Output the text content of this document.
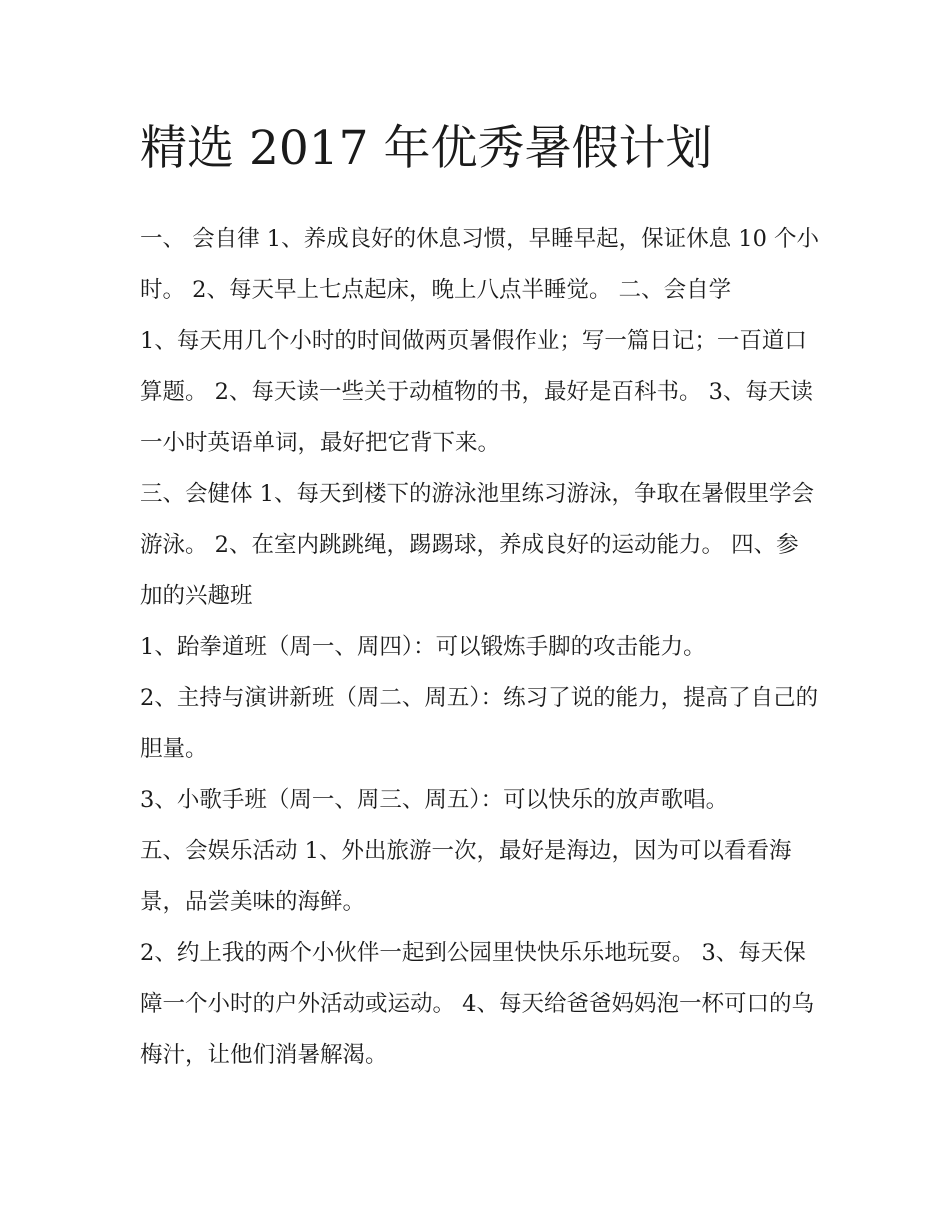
精选 2017 年优秀暑假计划

一、 会自律 1、养成良好的休息习惯，早睡早起，保证休息 10 个小时。 2、每天早上七点起床，晚上八点半睡觉。 二、会自学

1、每天用几个小时的时间做两页暑假作业；写一篇日记；一百道口算题。 2、每天读一些关于动植物的书，最好是百科书。 3、每天读一小时英语单词，最好把它背下来。

三、会健体 1、每天到楼下的游泳池里练习游泳，争取在暑假里学会游泳。 2、在室内跳跳绳，踢踢球，养成良好的运动能力。 四、参加的兴趣班

1、跆拳道班（周一、周四）：可以锻炼手脚的攻击能力。

2、主持与演讲新班（周二、周五）：练习了说的能力，提高了自己的胆量。

3、小歌手班（周一、周三、周五）：可以快乐的放声歌唱。

五、会娱乐活动 1、外出旅游一次，最好是海边，因为可以看看海景，品尝美味的海鲜。

2、约上我的两个小伙伴一起到公园里快快乐乐地玩耍。 3、每天保障一个小时的户外活动或运动。 4、每天给爸爸妈妈泡一杯可口的乌梅汁，让他们消暑解渴。
